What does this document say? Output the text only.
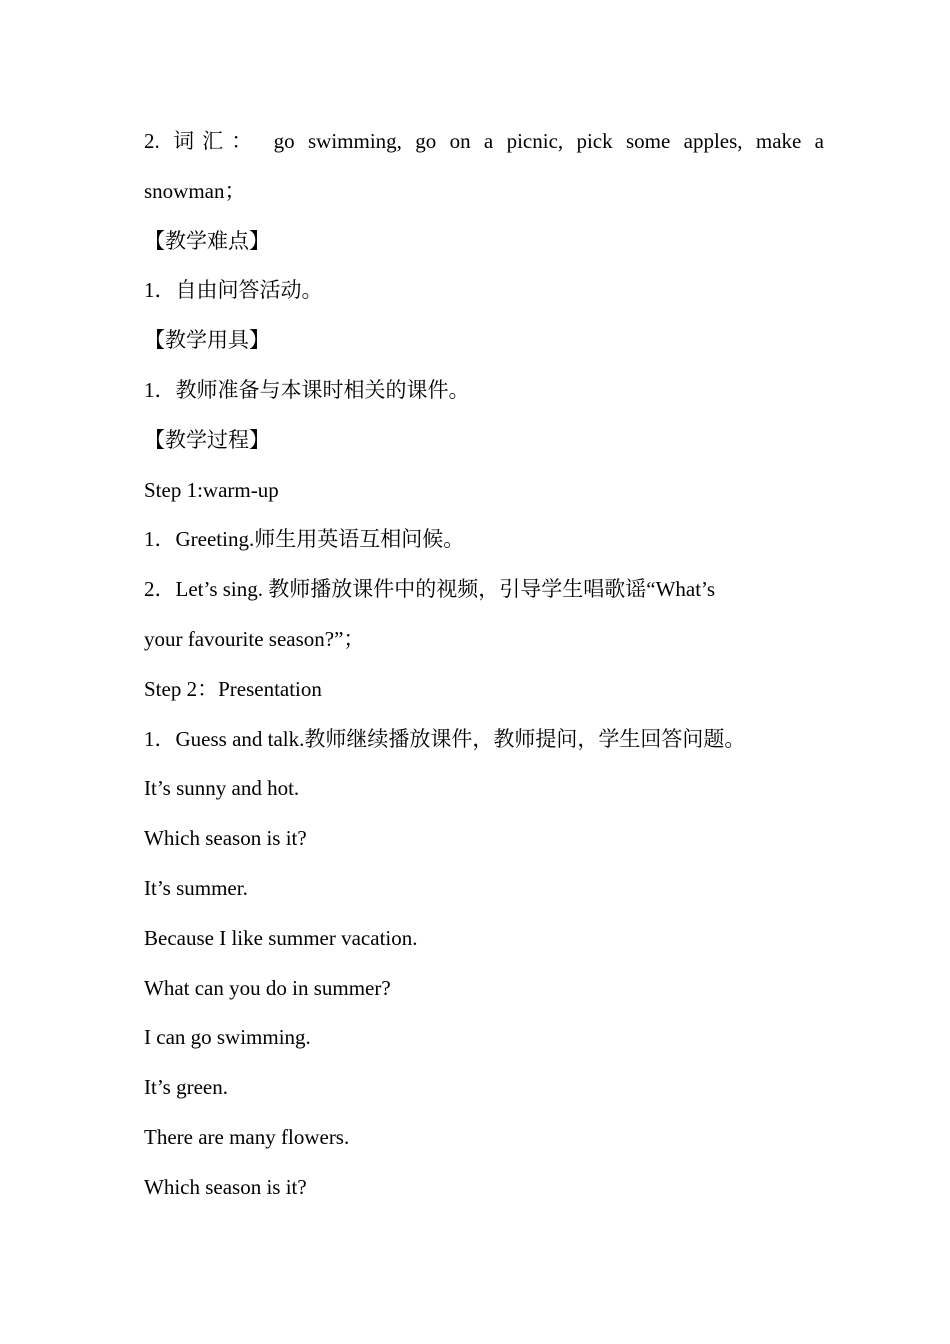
2. 词汇： go swimming, go on a picnic, pick some apples, make a
snowman；
【教学难点】
1．自由问答活动。
【教学用具】
1．教师准备与本课时相关的课件。
【教学过程】
Step 1:warm-up
1．Greeting.师生用英语互相问候。
2．Let’s sing. 教师播放课件中的视频，引导学生唱歌谣“What’s
your favourite season?”；
Step 2：Presentation
1．Guess and talk.教师继续播放课件，教师提问，学生回答问题。
It’s sunny and hot.
Which season is it?
It’s summer.
Because I like summer vacation.
What can you do in summer?
I can go swimming.
It’s green.
There are many flowers.
Which season is it?
